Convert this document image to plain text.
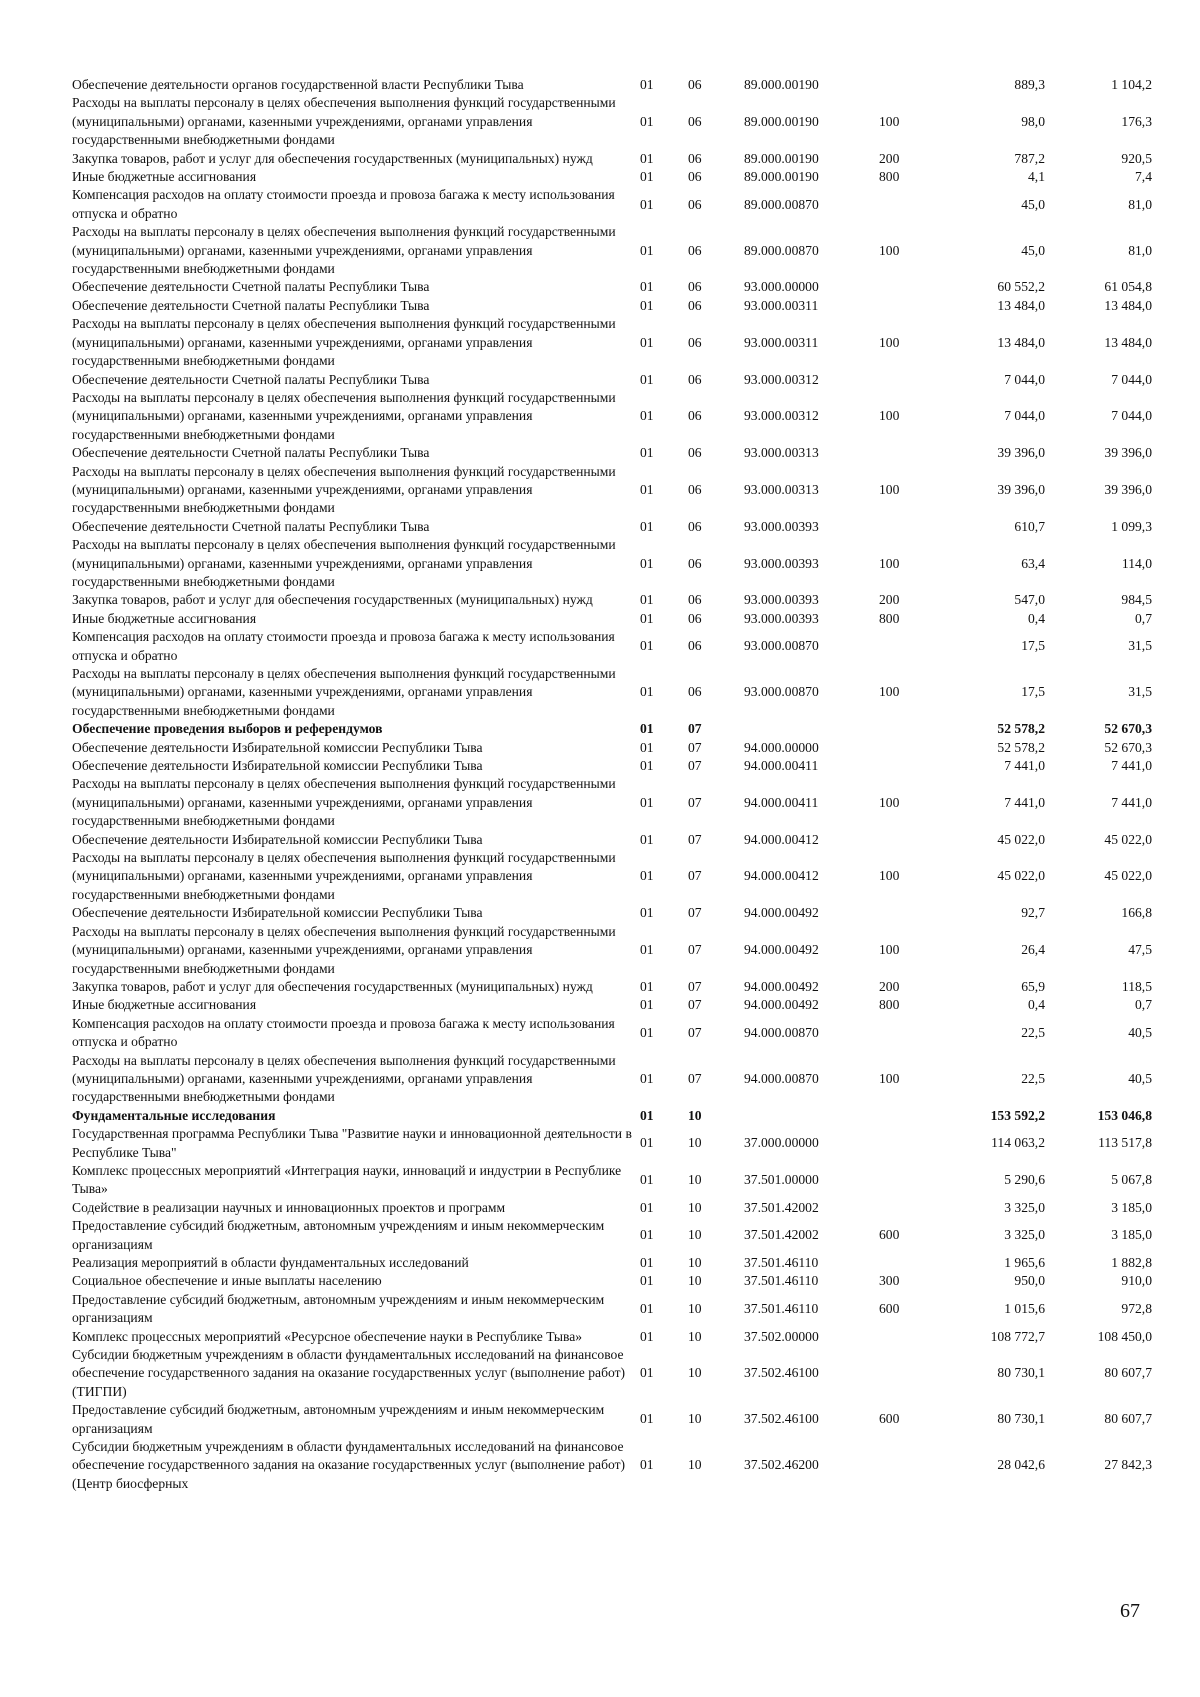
Обеспечение деятельности органов государственной власти Республики Тыва	01	06	89.000.00190		889,3	1 104,2
Расходы на выплаты персоналу в целях обеспечения выполнения функций государственными (муниципальными) органами, казенными учреждениями, органами управления государственными внебюджетными фондами	01	06	89.000.00190	100	98,0	176,3
Закупка товаров, работ и услуг для обеспечения государственных (муниципальных) нужд	01	06	89.000.00190	200	787,2	920,5
Иные бюджетные ассигнования	01	06	89.000.00190	800	4,1	7,4
Компенсация расходов на оплату стоимости проезда и провоза багажа к месту использования отпуска и обратно	01	06	89.000.00870		45,0	81,0
Расходы на выплаты персоналу в целях обеспечения выполнения функций государственными (муниципальными) органами, казенными учреждениями, органами управления государственными внебюджетными фондами	01	06	89.000.00870	100	45,0	81,0
Обеспечение деятельности Счетной палаты Республики Тыва	01	06	93.000.00000		60 552,2	61 054,8
Обеспечение деятельности Счетной палаты Республики Тыва	01	06	93.000.00311		13 484,0	13 484,0
Расходы на выплаты персоналу в целях обеспечения выполнения функций государственными (муниципальными) органами, казенными учреждениями, органами управления государственными внебюджетными фондами	01	06	93.000.00311	100	13 484,0	13 484,0
Обеспечение деятельности Счетной палаты Республики Тыва	01	06	93.000.00312		7 044,0	7 044,0
Расходы на выплаты персоналу в целях обеспечения выполнения функций государственными (муниципальными) органами, казенными учреждениями, органами управления государственными внебюджетными фондами	01	06	93.000.00312	100	7 044,0	7 044,0
Обеспечение деятельности Счетной палаты Республики Тыва	01	06	93.000.00313		39 396,0	39 396,0
Расходы на выплаты персоналу в целях обеспечения выполнения функций государственными (муниципальными) органами, казенными учреждениями, органами управления государственными внебюджетными фондами	01	06	93.000.00313	100	39 396,0	39 396,0
Обеспечение деятельности Счетной палаты Республики Тыва	01	06	93.000.00393		610,7	1 099,3
Расходы на выплаты персоналу в целях обеспечения выполнения функций государственными (муниципальными) органами, казенными учреждениями, органами управления государственными внебюджетными фондами	01	06	93.000.00393	100	63,4	114,0
Закупка товаров, работ и услуг для обеспечения государственных (муниципальных) нужд	01	06	93.000.00393	200	547,0	984,5
Иные бюджетные ассигнования	01	06	93.000.00393	800	0,4	0,7
Компенсация расходов на оплату стоимости проезда и провоза багажа к месту использования отпуска и обратно	01	06	93.000.00870		17,5	31,5
Расходы на выплаты персоналу в целях обеспечения выполнения функций государственными (муниципальными) органами, казенными учреждениями, органами управления государственными внебюджетными фондами	01	06	93.000.00870	100	17,5	31,5
Обеспечение проведения выборов и референдумов	01	07			52 578,2	52 670,3
Обеспечение деятельности Избирательной комиссии Республики Тыва	01	07	94.000.00000		52 578,2	52 670,3
Обеспечение деятельности Избирательной комиссии Республики Тыва	01	07	94.000.00411		7 441,0	7 441,0
Расходы на выплаты персоналу в целях обеспечения выполнения функций государственными (муниципальными) органами, казенными учреждениями, органами управления государственными внебюджетными фондами	01	07	94.000.00411	100	7 441,0	7 441,0
Обеспечение деятельности Избирательной комиссии Республики Тыва	01	07	94.000.00412		45 022,0	45 022,0
Расходы на выплаты персоналу в целях обеспечения выполнения функций государственными (муниципальными) органами, казенными учреждениями, органами управления государственными внебюджетными фондами	01	07	94.000.00412	100	45 022,0	45 022,0
Обеспечение деятельности Избирательной комиссии Республики Тыва	01	07	94.000.00492		92,7	166,8
Расходы на выплаты персоналу в целях обеспечения выполнения функций государственными (муниципальными) органами, казенными учреждениями, органами управления государственными внебюджетными фондами	01	07	94.000.00492	100	26,4	47,5
Закупка товаров, работ и услуг для обеспечения государственных (муниципальных) нужд	01	07	94.000.00492	200	65,9	118,5
Иные бюджетные ассигнования	01	07	94.000.00492	800	0,4	0,7
Компенсация расходов на оплату стоимости проезда и провоза багажа к месту использования отпуска и обратно	01	07	94.000.00870		22,5	40,5
Расходы на выплаты персоналу в целях обеспечения выполнения функций государственными (муниципальными) органами, казенными учреждениями, органами управления государственными внебюджетными фондами	01	07	94.000.00870	100	22,5	40,5
Фундаментальные исследования	01	10			153 592,2	153 046,8
Государственная программа Республики Тыва "Развитие науки и инновационной деятельности в Республике Тыва"	01	10	37.000.00000		114 063,2	113 517,8
Комплекс процессных мероприятий «Интеграция науки, инноваций и индустрии в Республике Тыва»	01	10	37.501.00000		5 290,6	5 067,8
Содействие в реализации научных и инновационных проектов и программ	01	10	37.501.42002		3 325,0	3 185,0
Предоставление субсидий бюджетным, автономным учреждениям и иным некоммерческим организациям	01	10	37.501.42002	600	3 325,0	3 185,0
Реализация мероприятий в области фундаментальных исследований	01	10	37.501.46110		1 965,6	1 882,8
Социальное обеспечение и иные выплаты населению	01	10	37.501.46110	300	950,0	910,0
Предоставление субсидий бюджетным, автономным учреждениям и иным некоммерческим организациям	01	10	37.501.46110	600	1 015,6	972,8
Комплекс процессных мероприятий «Ресурсное обеспечение науки в Республике Тыва»	01	10	37.502.00000		108 772,7	108 450,0
Субсидии бюджетным учреждениям в области фундаментальных исследований на финансовое обеспечение государственного задания на оказание государственных услуг (выполнение работ) (ТИГПИ)	01	10	37.502.46100		80 730,1	80 607,7
Предоставление субсидий бюджетным, автономным учреждениям и иным некоммерческим организациям	01	10	37.502.46100	600	80 730,1	80 607,7
Субсидии бюджетным учреждениям в области фундаментальных исследований на финансовое обеспечение государственного задания на оказание государственных услуг (выполнение работ) (Центр биосферных	01	10	37.502.46200		28 042,6	27 842,3
67
